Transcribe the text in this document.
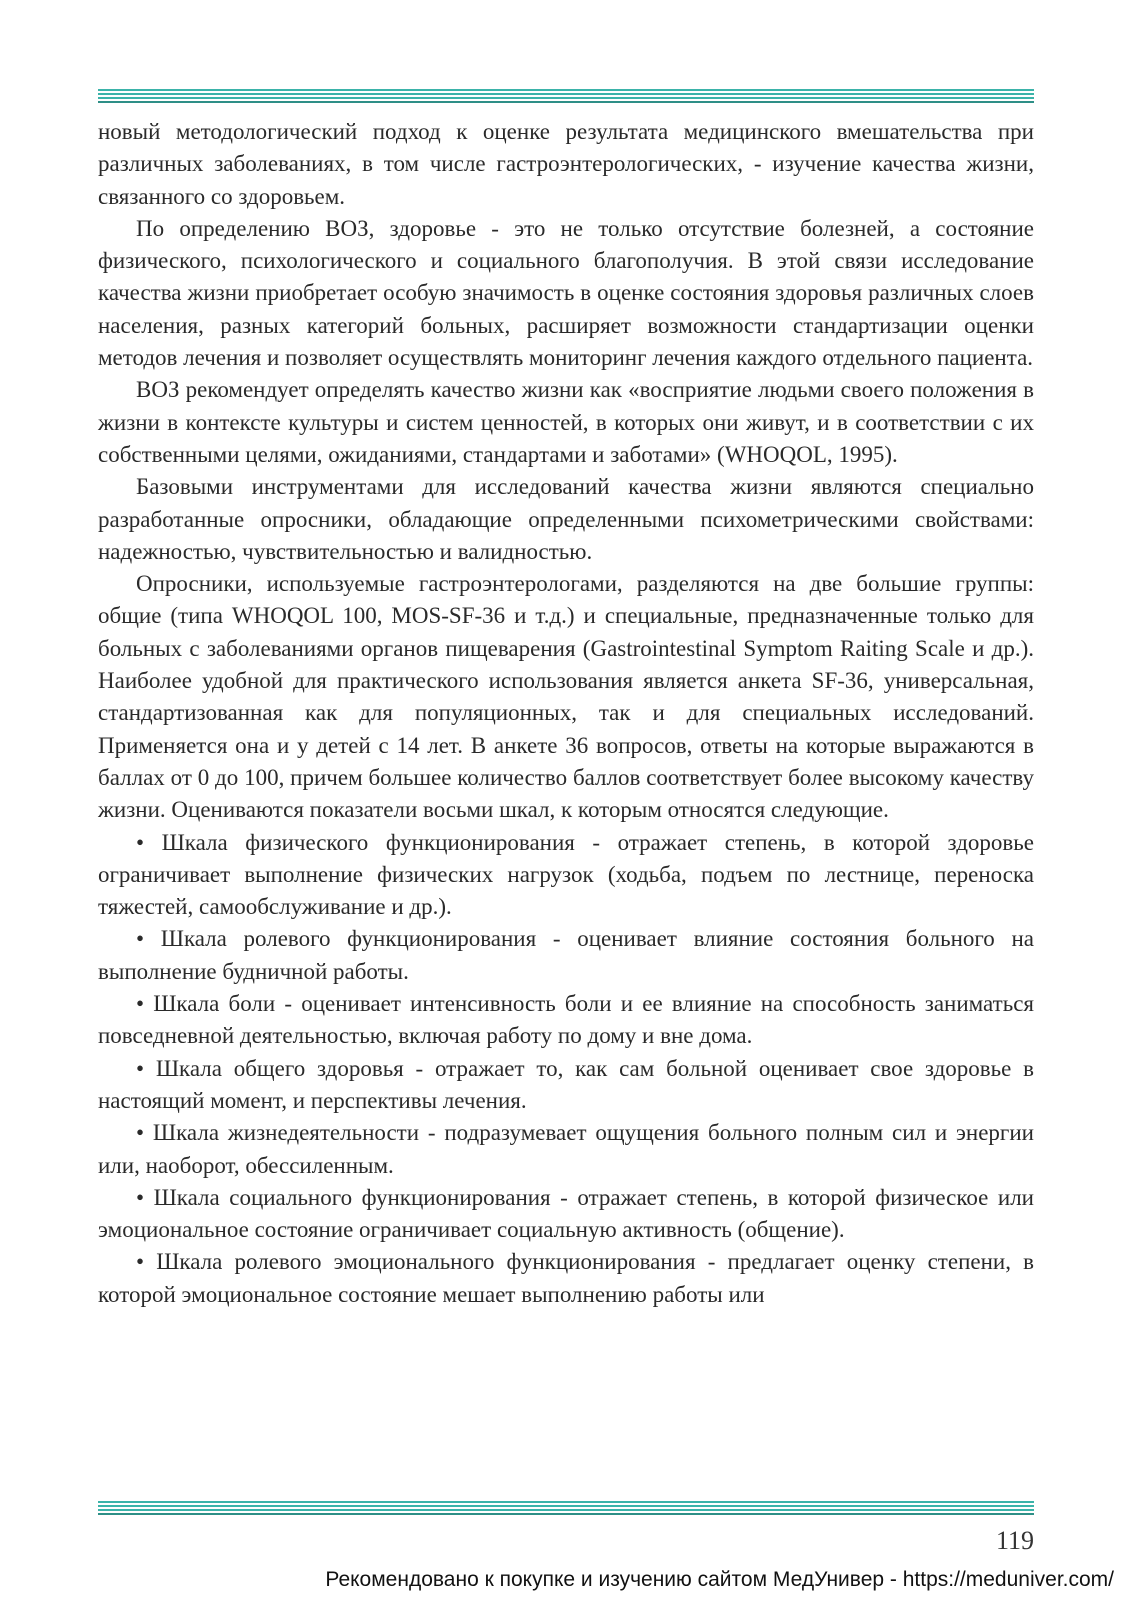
новый методологический подход к оценке результата медицинского вмешательства при различных заболеваниях, в том числе гастроэнтерологических, - изучение качества жизни, связанного со здоровьем.

По определению ВОЗ, здоровье - это не только отсутствие болезней, а состояние физического, психологического и социального благополучия. В этой связи исследование качества жизни приобретает особую значимость в оценке состояния здоровья различных слоев населения, разных категорий больных, расширяет возможности стандартизации оценки методов лечения и позволяет осуществлять мониторинг лечения каждого отдельного пациента.

ВОЗ рекомендует определять качество жизни как «восприятие людьми своего положения в жизни в контексте культуры и систем ценностей, в которых они живут, и в соответствии с их собственными целями, ожиданиями, стандартами и заботами» (WHOQOL, 1995).

Базовыми инструментами для исследований качества жизни являются специально разработанные опросники, обладающие определенными психометрическими свойствами: надежностью, чувствительностью и валидностью.

Опросники, используемые гастроэнтерологами, разделяются на две большие группы: общие (типа WHOQOL 100, MOS-SF-36 и т.д.) и специальные, предназначенные только для больных с заболеваниями органов пищеварения (Gastrointestinal Symptom Raiting Scale и др.). Наиболее удобной для практического использования является анкета SF-36, универсальная, стандартизованная как для популяционных, так и для специальных исследований. Применяется она и у детей с 14 лет. В анкете 36 вопросов, ответы на которые выражаются в баллах от 0 до 100, причем большее количество баллов соответствует более высокому качеству жизни. Оцениваются показатели восьми шкал, к которым относятся следующие.

• Шкала физического функционирования - отражает степень, в которой здоровье ограничивает выполнение физических нагрузок (ходьба, подъем по лестнице, переноска тяжестей, самообслуживание и др.).

• Шкала ролевого функционирования - оценивает влияние состояния больного на выполнение будничной работы.

• Шкала боли - оценивает интенсивность боли и ее влияние на способность заниматься повседневной деятельностью, включая работу по дому и вне дома.

• Шкала общего здоровья - отражает то, как сам больной оценивает свое здоровье в настоящий момент, и перспективы лечения.

• Шкала жизнедеятельности - подразумевает ощущения больного полным сил и энергии или, наоборот, обессиленным.

• Шкала социального функционирования - отражает степень, в которой физическое или эмоциональное состояние ограничивает социальную активность (общение).

• Шкала ролевого эмоционального функционирования - предлагает оценку степени, в которой эмоциональное состояние мешает выполнению работы или

119
Рекомендовано к покупке и изучению сайтом МедУнивер - https://meduniver.com/
